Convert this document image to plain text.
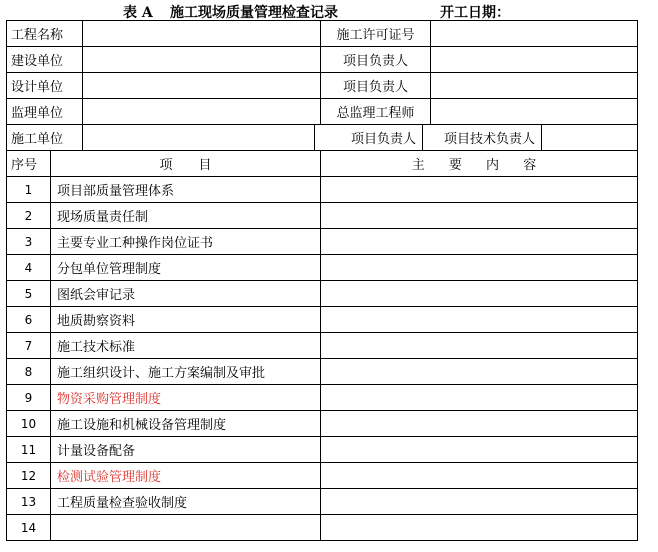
表 A 施工现场质量管理检查记录	开工日期：
工程名称				施工许可证号			
建设单位				项目负责人			
设计单位				项目负责人			
监理单位				总监理工程师			
施工单位			项目负责人		项目技术负责人		
序号	项　　目			主 要 内 容			
1	项目部质量管理体系						
2	现场质量责任制						
3	主要专业工种操作岗位证书						
4	分包单位管理制度						
5	图纸会审记录						
6	地质勘察资料						
7	施工技术标准						
8	施工组织设计、施工方案编制及审批						
9	物资采购管理制度						
10	施工设施和机械设备管理制度						
11	计量设备配备						
12	检测试验管理制度						
13	工程质量检查验收制度						
14							
